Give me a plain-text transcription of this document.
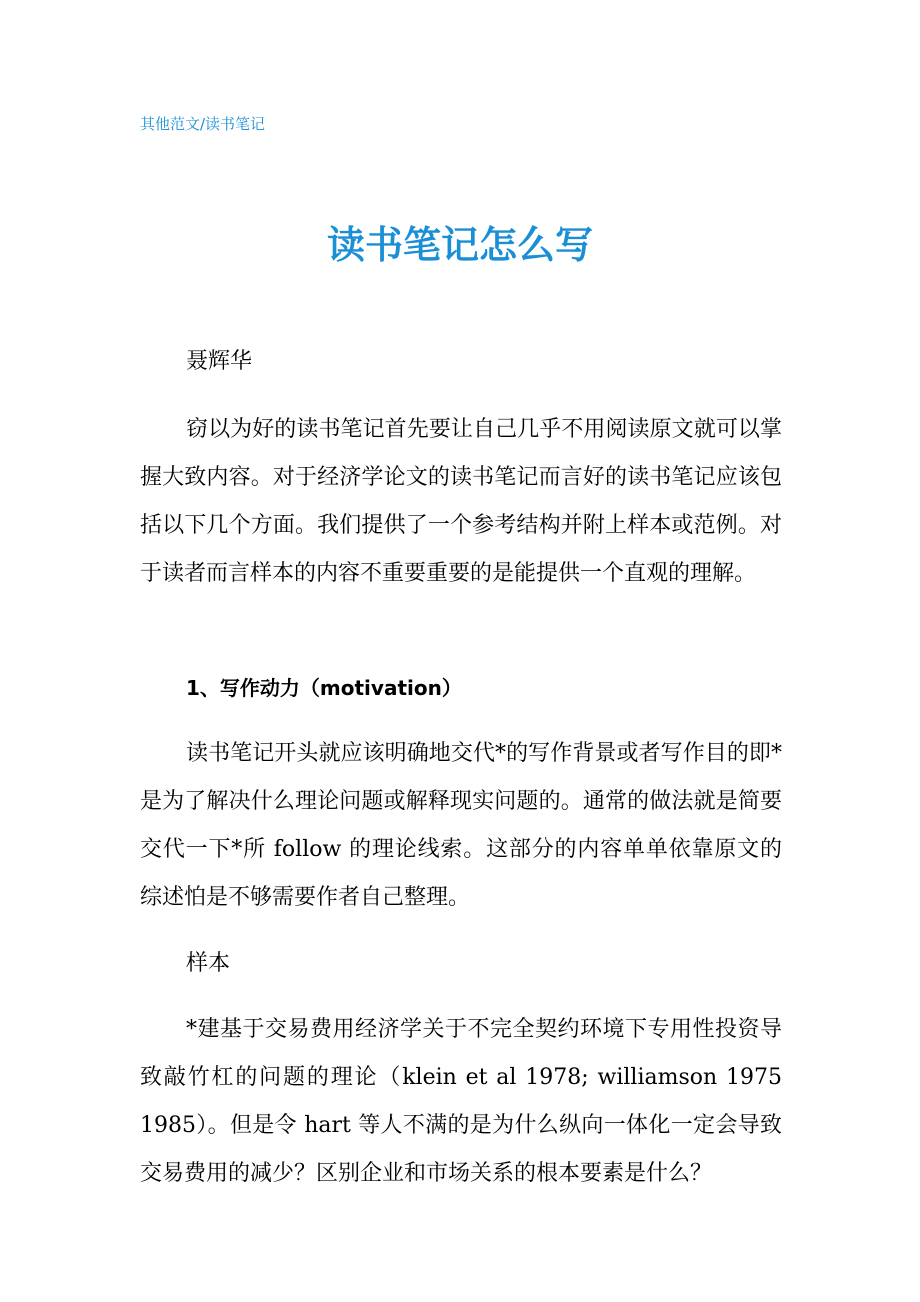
其他范文/读书笔记
读书笔记怎么写
聂辉华
窃以为好的读书笔记首先要让自己几乎不用阅读原文就可以掌握大致内容。对于经济学论文的读书笔记而言好的读书笔记应该包括以下几个方面。我们提供了一个参考结构并附上样本或范例。对于读者而言样本的内容不重要重要的是能提供一个直观的理解。
1、写作动力（motivation）
读书笔记开头就应该明确地交代*的写作背景或者写作目的即*是为了解决什么理论问题或解释现实问题的。通常的做法就是简要交代一下*所 follow 的理论线索。这部分的内容单单依靠原文的综述怕是不够需要作者自己整理。
样本
*建基于交易费用经济学关于不完全契约环境下专用性投资导致敲竹杠的问题的理论（klein et al 1978; williamson 1975 1985）。但是令 hart 等人不满的是为什么纵向一体化一定会导致交易费用的减少？区别企业和市场关系的根本要素是什么？
